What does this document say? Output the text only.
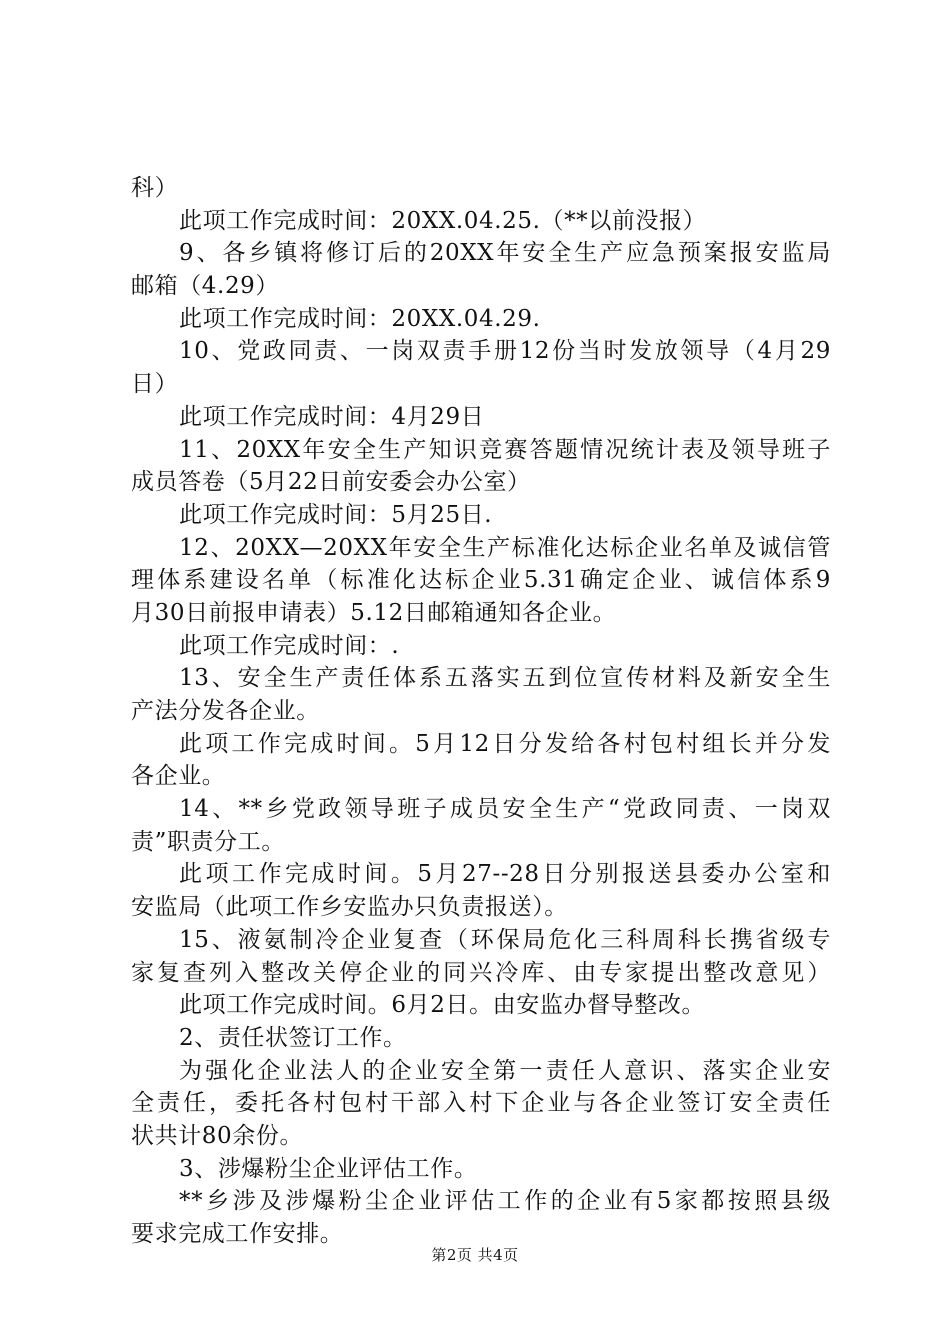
科）
此项工作完成时间：20XX.04.25.（**以前没报）
9、各乡镇将修订后的20XX年安全生产应急预案报安监局
邮箱（4.29）
此项工作完成时间：20XX.04.29.
10、党政同责、一岗双责手册12份当时发放领导（4月29
日）
此项工作完成时间：4月29日
11、20XX年安全生产知识竞赛答题情况统计表及领导班子
成员答卷（5月22日前安委会办公室）
此项工作完成时间：5月25日.
12、20XX—20XX年安全生产标准化达标企业名单及诚信管
理体系建设名单（标准化达标企业5.31确定企业、诚信体系9
月30日前报申请表）5.12日邮箱通知各企业。
此项工作完成时间：.
13、安全生产责任体系五落实五到位宣传材料及新安全生
产法分发各企业。
此项工作完成时间。5月12日分发给各村包村组长并分发
各企业。
14、**乡党政领导班子成员安全生产“党政同责、一岗双
责”职责分工。
此项工作完成时间。5月27--28日分别报送县委办公室和
安监局（此项工作乡安监办只负责报送）。
15、液氨制冷企业复查（环保局危化三科周科长携省级专
家复查列入整改关停企业的同兴冷库、由专家提出整改意见）
此项工作完成时间。6月2日。由安监办督导整改。
2、责任状签订工作。
为强化企业法人的企业安全第一责任人意识、落实企业安
全责任，委托各村包村干部入村下企业与各企业签订安全责任
状共计80余份。
3、涉爆粉尘企业评估工作。
**乡涉及涉爆粉尘企业评估工作的企业有5家都按照县级
要求完成工作安排。
第2页 共4页
